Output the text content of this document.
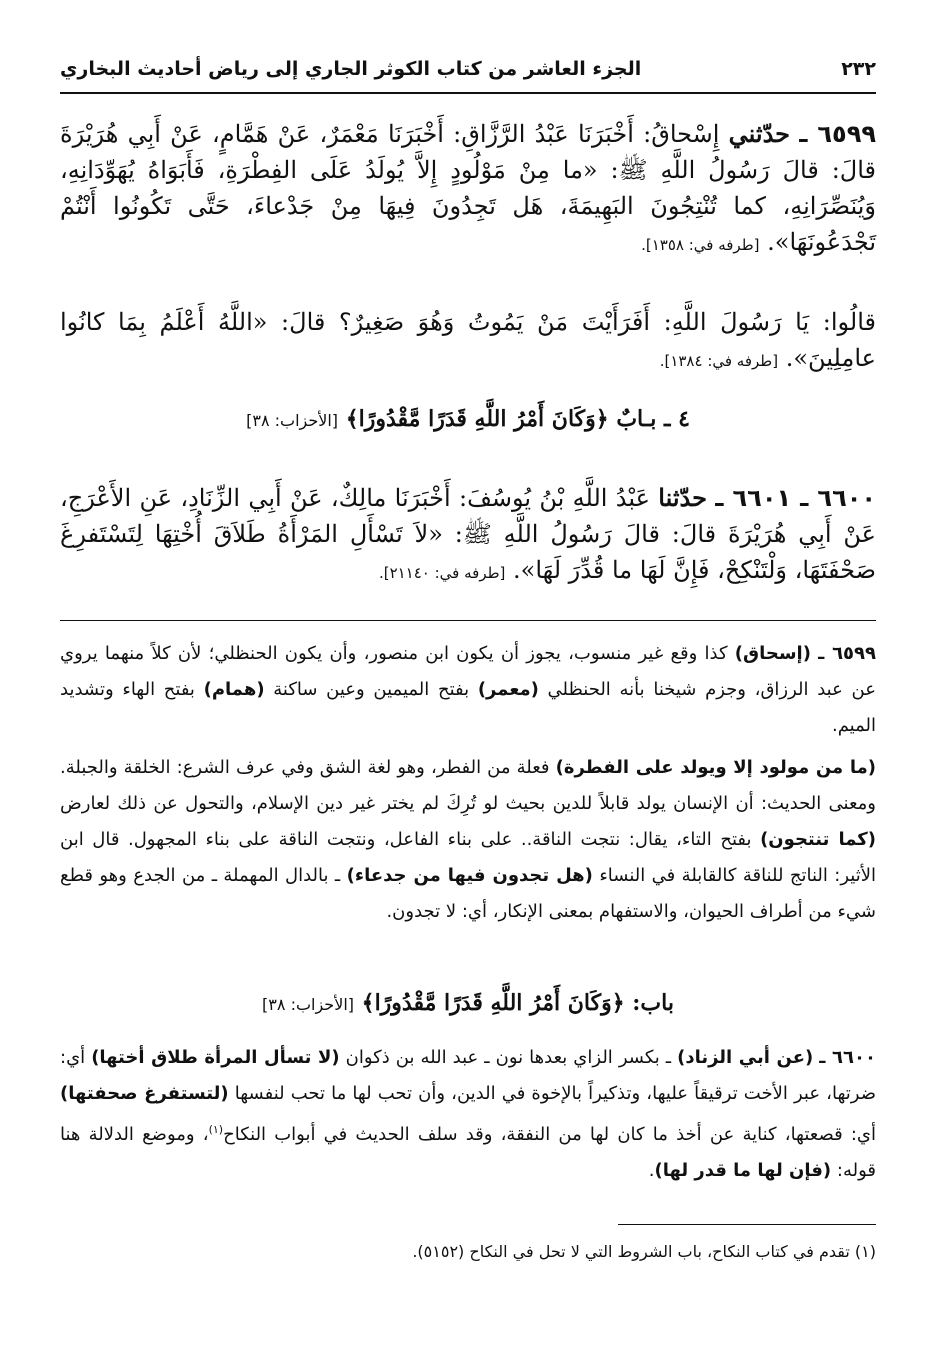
٢٣٢
الجزء العاشر من كتاب الكوثر الجاري إلى رياض أحاديث البخاري
٦٥٩٩ ـ حدّثني إِسْحاقُ: أَخْبَرَنَا عَبْدُ الرَّزَّاقِ: أَخْبَرَنَا مَعْمَرٌ، عَنْ هَمَّامٍ، عَنْ أَبِي هُرَيْرَةَ قالَ: قالَ رَسُولُ اللَّهِ ﷺ: «ما مِنْ مَوْلُودٍ إِلاَّ يُولَدُ عَلَى الفِطْرَةِ، فَأَبَوَاهُ يُهَوِّدَانِهِ، وَيُنَصِّرَانِهِ، كما تُنْتِجُونَ البَهِيمَةَ، هَل تَجِدُونَ فِيهَا مِنْ جَدْعاءَ، حَتَّى تَكُونُوا أَنْتُمْ تَجْدَعُونَهَا». [طرفه في: ١٣٥٨].
قالُوا: يَا رَسُولَ اللَّهِ: أَفَرَأَيْتَ مَنْ يَمُوتُ وَهُوَ صَغِيرٌ؟ قالَ: «اللَّهُ أَعْلَمُ بِمَا كانُوا عامِلِينَ». [طرفه في: ١٣٨٤].
٤ ـ بـابٌ ﴿وَكَانَ أَمْرُ اللَّهِ قَدَرًا مَّقْدُورًا﴾ [الأحزاب: ٣٨]
٦٦٠٠ ـ ٦٦٠١ ـ حدّثنا عَبْدُ اللَّهِ بْنُ يُوسُفَ: أَخْبَرَنَا مالِكٌ، عَنْ أَبِي الزِّنَادِ، عَنِ الأَعْرَجِ، عَنْ أَبِي هُرَيْرَةَ قالَ: قالَ رَسُولُ اللَّهِ ﷺ: «لاَ تَسْأَلِ المَرْأَةُ طَلاَقَ أُخْتِهَا لِتَسْتَفرِغَ صَحْفَتَهَا، وَلْتَنْكِحْ، فَإِنَّ لَهَا ما قُدِّرَ لَهَا». [طرفه في: ٢١١٤٠].
٦٥٩٩ ـ (إسحاق) كذا وقع غير منسوب، يجوز أن يكون ابن منصور، وأن يكون الحنظلي؛ لأن كلاً منهما يروي عن عبد الرزاق، وجزم شيخنا بأنه الحنظلي (معمر) بفتح الميمين وعين ساكنة (همام) بفتح الهاء وتشديد الميم.
(ما من مولود إلا ويولد على الفطرة) فعلة من الفطر، وهو لغة الشق وفي عرف الشرع: الخلقة والجبلة. ومعنى الحديث: أن الإنسان يولد قابلاً للدين بحيث لو تُرِكَ لم يختر غير دين الإسلام، والتحول عن ذلك لعارض (كما تنتجون) بفتح التاء، يقال: نتجت الناقة.. على بناء الفاعل، ونتجت الناقة على بناء المجهول. قال ابن الأثير: الناتج للناقة كالقابلة في النساء (هل تجدون فيها من جدعاء) ـ بالدال المهملة ـ من الجدع وهو قطع شيء من أطراف الحيوان، والاستفهام بمعنى الإنكار، أي: لا تجدون.
باب: ﴿وَكَانَ أَمْرُ اللَّهِ قَدَرًا مَّقْدُورًا﴾ [الأحزاب: ٣٨]
٦٦٠٠ ـ (عن أبي الزناد) ـ بكسر الزاي بعدها نون ـ عبد الله بن ذكوان (لا تسأل المرأة طلاق أختها) أي: ضرتها، عبر الأخت ترقيقاً عليها، وتذكيراً بالإخوة في الدين، وأن تحب لها ما تحب لنفسها (لتستفرغ صحفتها) أي: قصعتها، كناية عن أخذ ما كان لها من النفقة، وقد سلف الحديث في أبواب النكاح$^{(١)}$، وموضع الدلالة هنا قوله: (فإن لها ما قدر لها).
(١) تقدم في كتاب النكاح، باب الشروط التي لا تحل في النكاح (٥١٥٢).
